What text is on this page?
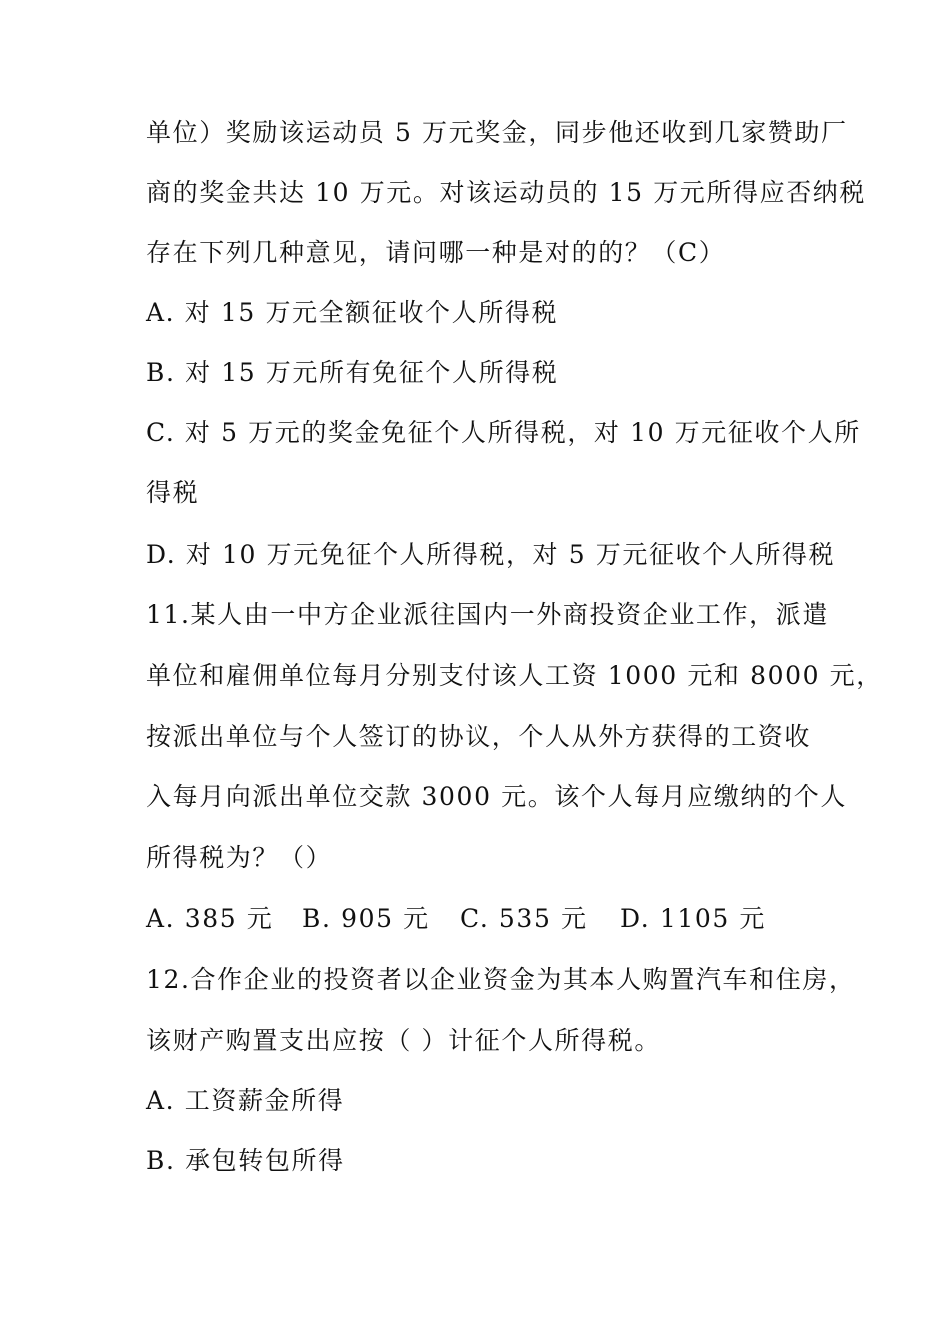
单位）奖励该运动员 5 万元奖金，同步他还收到几家赞助厂
商的奖金共达 10 万元。对该运动员的 15 万元所得应否纳税
存在下列几种意见，请问哪一种是对的的？（C）
A. 对 15 万元全额征收个人所得税
B. 对 15 万元所有免征个人所得税
C. 对 5 万元的奖金免征个人所得税，对 10 万元征收个人所
得税
D. 对 10 万元免征个人所得税，对 5 万元征收个人所得税
11.某人由一中方企业派往国内一外商投资企业工作，派遣
单位和雇佣单位每月分别支付该人工资 1000 元和 8000 元，
按派出单位与个人签订的协议，个人从外方获得的工资收
入每月向派出单位交款 3000 元。该个人每月应缴纳的个人
所得税为？（）
A. 385 元 B. 905 元 C. 535 元 D. 1105 元
12.合作企业的投资者以企业资金为其本人购置汽车和住房，
该财产购置支出应按（ ）计征个人所得税。
A. 工资薪金所得
B. 承包转包所得
